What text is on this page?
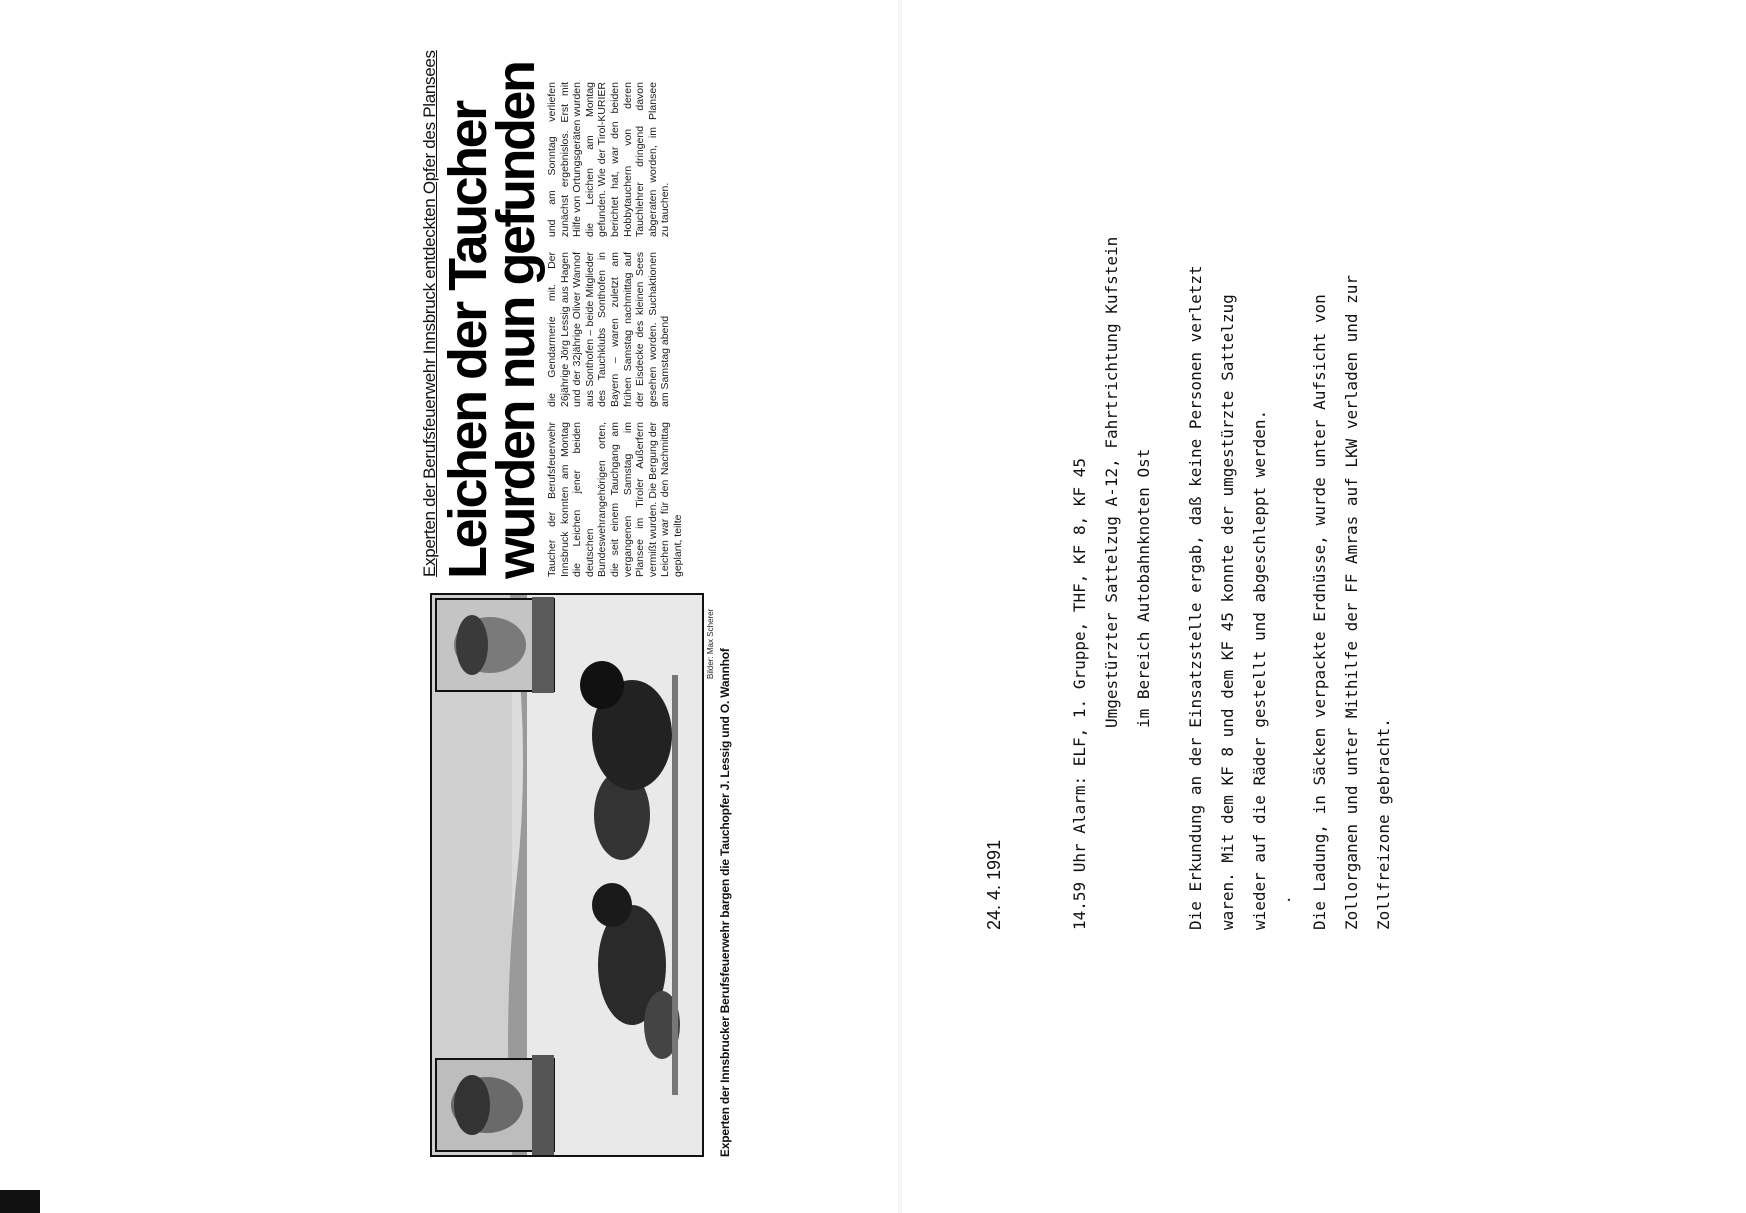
Bilder: Max Scherer
Experten der Innsbrucker Berufsfeuerwehr bargen die Tauchopfer J. Lessig und O. Wannhof
Experten der Berufsfeuerwehr Innsbruck entdeckten Opfer des Plansees Leichen der Taucher
wurden nun gefunden Taucher der Berufsfeuerwehr Innsbruck konnten am Montag die Leichen jener beiden deutschen Bundeswehrangehörigen orten, die seit einem Tauchgang am vergangenen Samstag im Plansee im Tiroler Außerfern vermißt wurden. Die Bergung der Leichen war für den Nachmittag geplant, teilte
die Gendarmerie mit. Der 26jährige Jörg Lessig aus Hagen und der 32jährige Oliver Wannof aus Sonthofen – beide Mitglieder des Tauchklubs Sonthofen in Bayern – waren zuletzt am frühen Samstag nachmittag auf der Eisdecke des kleinen Sees gesehen worden. Suchaktionen am Samstag abend
und am Sonntag verliefen zunächst ergebnislos. Erst mit Hilfe von Ortungsgeräten wurden die Leichen am Montag gefunden. Wie der Tirol-KURIER berichtet hat, war den beiden Hobbytauchern von deren Tauchlehrer dringend davon abgeraten worden, im Plansee zu tauchen.
24. 4. 1991	14.59 Uhr Alarm: ELF, 1. Gruppe, THF, KF 8, KF 45 Umgestürzter Sattelzug A-12, Fahrtrichtung Kufstein im Bereich Autobahnknoten Ost Die Erkundung an der Einsatzstelle ergab, daß keine Personen verletzt waren. Mit dem KF 8 und dem KF 45 konnte der umgestürzte Sattelzug wieder auf die Räder gestellt und abgeschleppt werden. . Die Ladung, in Säcken verpackte Erdnüsse, wurde unter Aufsicht von Zollorganen und unter Mithilfe der FF Amras auf LKW verladen und zur Zollfreizone gebracht.
